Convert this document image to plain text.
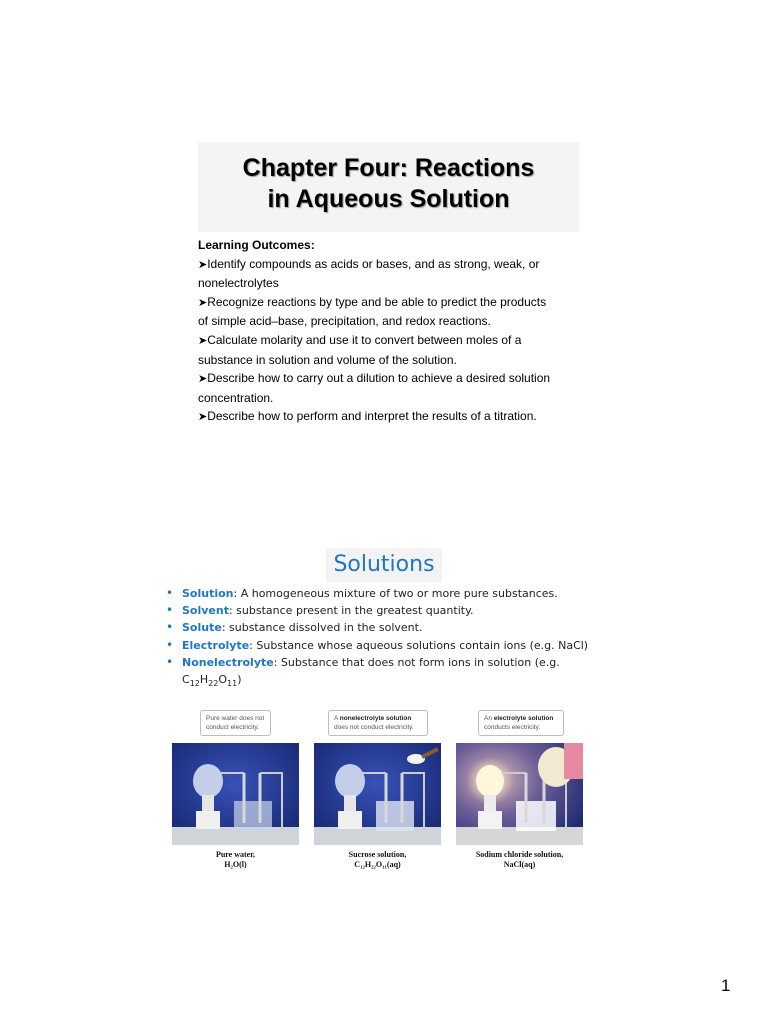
Chapter Four: Reactions
in Aqueous Solution
Learning Outcomes:
➤Identify compounds as acids or bases, and as strong, weak, or
nonelectrolytes
➤Recognize reactions by type and be able to predict the products
of simple acid–base, precipitation, and redox reactions.
➤Calculate molarity and use it to convert between moles of a
substance in solution and volume of the solution.
➤Describe how to carry out a dilution to achieve a desired solution
concentration.
➤Describe how to perform and interpret the results of a titration.
Solutions
• Solution: A homogeneous mixture of two or more pure substances.
• Solvent: substance present in the greatest quantity.
• Solute: substance dissolved in the solvent.
• Electrolyte: Substance whose aqueous solutions contain ions (e.g. NaCl)
• Nonelectrolyte: Substance that does not form ions in solution (e.g.
$C_{12}H_{22}O_{11}$)
Pure water does not
conduct electricity.
Pure water,
H₂O(l)
A nonelectrolyte solution
does not conduct electricity.
Sucrose solution,
C₁₂H₂₂O₁₁(aq)
An electrolyte solution
conducts electricity.
Sodium chloride solution,
NaCl(aq)
1
